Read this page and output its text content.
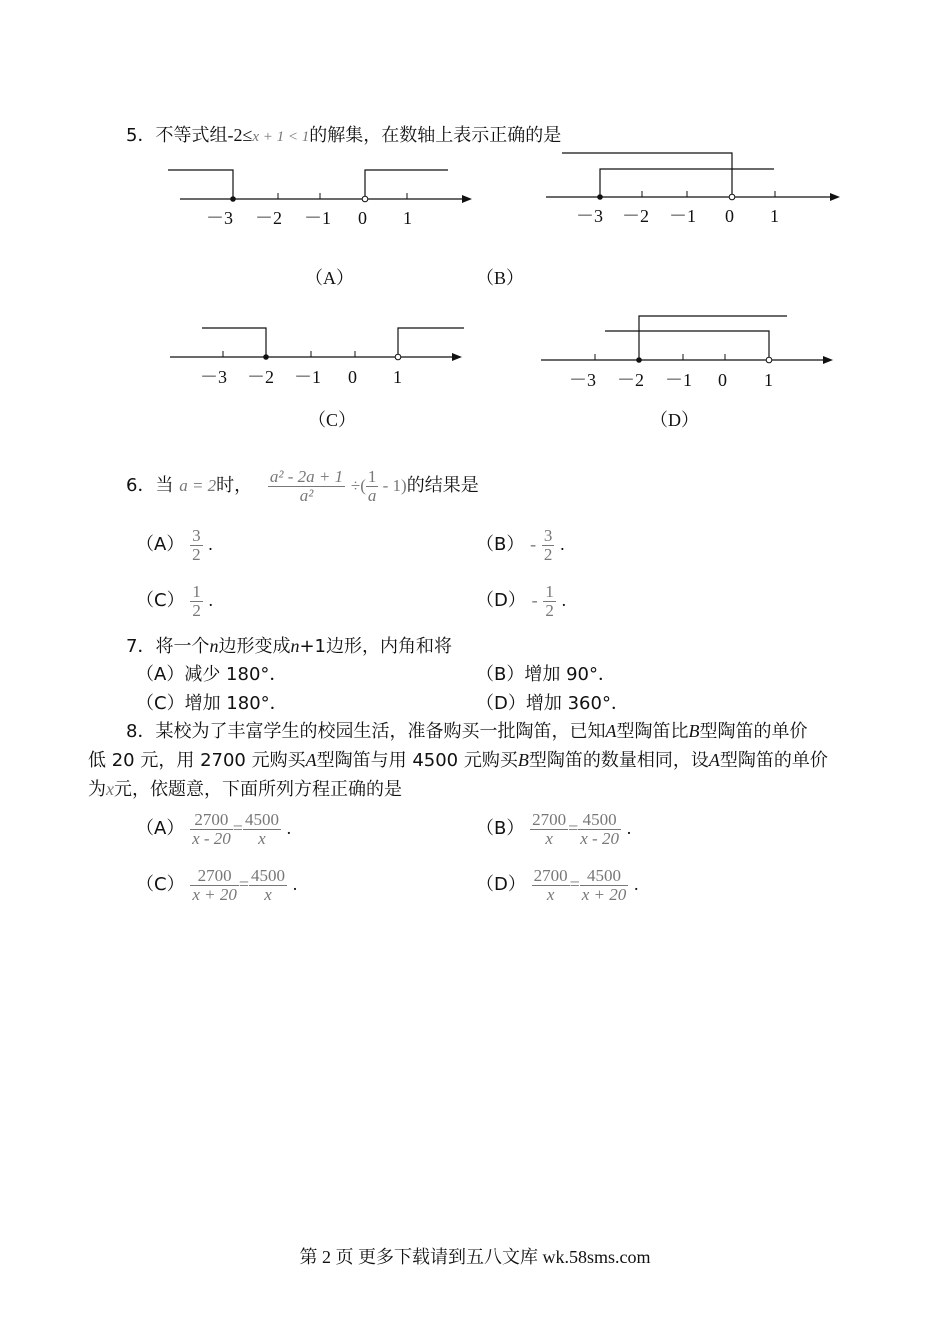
5．不等式组-2≤x + 1 < 1的解集，在数轴上表示正确的是
－3 －2 －1 0 1	－3 －2 －1 0 1
（A）	（B）
－3 －2 －1 0 1	－3 －2 －1 0 1
（C）	（D）
6．当 a = 2时， $\frac{\text{a² - 2a + 1}}{\text{a²}}$ ÷( $\frac{1}{a} - 1$)的结果是
$(A) \frac{3}{2}$ .	$(B) - \frac{3}{2}$ .
$(C) \frac{1}{2}$ .	$(D) - \frac{1}{2}$ .
7．将一个n边形变成n+1边形，内角和将
（A）减少 180°．	（B）增加 90°．
（C）增加 180°．	（D）增加 360°．
8．某校为了丰富学生的校园生活，准备购买一批陶笛，已知A型陶笛比B型陶笛的单价
低 20 元，用 2700 元购买A型陶笛与用 4500 元购买B型陶笛的数量相同，设A型陶笛的单价
为x元，依题意，下面所列方程正确的是
$(A) \frac{2700}{x - 20} = \frac{4500}{x}$ .	$(B) \frac{2700}{x} = \frac{4500}{x - 20}$ .
$(C) \frac{2700}{x + 20} = \frac{4500}{x}$ .	$(D) \frac{2700}{x} = \frac{4500}{x + 20}$ .
第 2 页 更多下载请到五八文库 wk.58sms.com
